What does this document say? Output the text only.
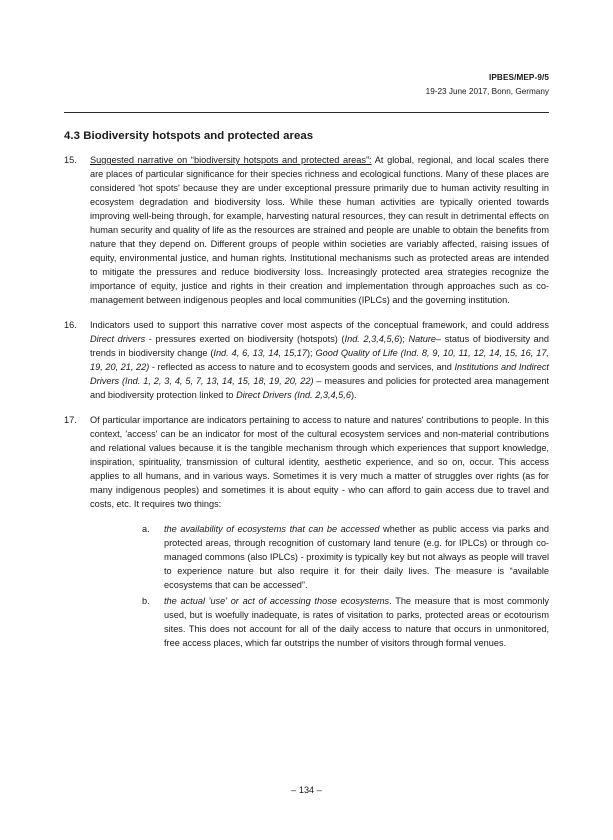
IPBES/MEP-9/5
19-23 June 2017, Bonn, Germany
4.3 Biodiversity hotspots and protected areas
15. Suggested narrative on “biodiversity hotspots and protected areas”: At global, regional, and local scales there are places of particular significance for their species richness and ecological functions. Many of these places are considered 'hot spots' because they are under exceptional pressure primarily due to human activity resulting in ecosystem degradation and biodiversity loss. While these human activities are typically oriented towards improving well-being through, for example, harvesting natural resources, they can result in detrimental effects on human security and quality of life as the resources are strained and people are unable to obtain the benefits from nature that they depend on. Different groups of people within societies are variably affected, raising issues of equity, environmental justice, and human rights. Institutional mechanisms such as protected areas are intended to mitigate the pressures and reduce biodiversity loss. Increasingly protected area strategies recognize the importance of equity, justice and rights in their creation and implementation through approaches such as co-management between indigenous peoples and local communities (IPLCs) and the governing institution.

16. Indicators used to support this narrative cover most aspects of the conceptual framework, and could address Direct drivers - pressures exerted on biodiversity (hotspots) (Ind. 2,3,4,5,6); Nature– status of biodiversity and trends in biodiversity change (Ind. 4, 6, 13, 14, 15,17); Good Quality of Life (Ind. 8, 9, 10, 11, 12, 14, 15, 16, 17, 19, 20, 21, 22) - reflected as access to nature and to ecosystem goods and services, and Institutions and Indirect Drivers (Ind. 1, 2, 3, 4, 5, 7, 13, 14, 15, 18, 19, 20, 22) – measures and policies for protected area management and biodiversity protection linked to Direct Drivers (Ind. 2,3,4,5,6).

17. Of particular importance are indicators pertaining to access to nature and natures' contributions to people. In this context, 'access' can be an indicator for most of the cultural ecosystem services and non-material contributions and relational values because it is the tangible mechanism through which experiences that support knowledge, inspiration, spirituality, transmission of cultural identity, aesthetic experience, and so on, occur. This access applies to all humans, and in various ways. Sometimes it is very much a matter of struggles over rights (as for many indigenous peoples) and sometimes it is about equity - who can afford to gain access due to travel and costs, etc. It requires two things:

a. the availability of ecosystems that can be accessed whether as public access via parks and protected areas, through recognition of customary land tenure (e.g. for IPLCs) or through co-managed commons (also IPLCs) - proximity is typically key but not always as people will travel to experience nature but also require it for their daily lives. The measure is “available ecosystems that can be accessed”.
b. the actual 'use' or act of accessing those ecosystems. The measure that is most commonly used, but is woefully inadequate, is rates of visitation to parks, protected areas or ecotourism sites. This does not account for all of the daily access to nature that occurs in unmonitored, free access places, which far outstrips the number of visitors through formal venues.
– 134 –
